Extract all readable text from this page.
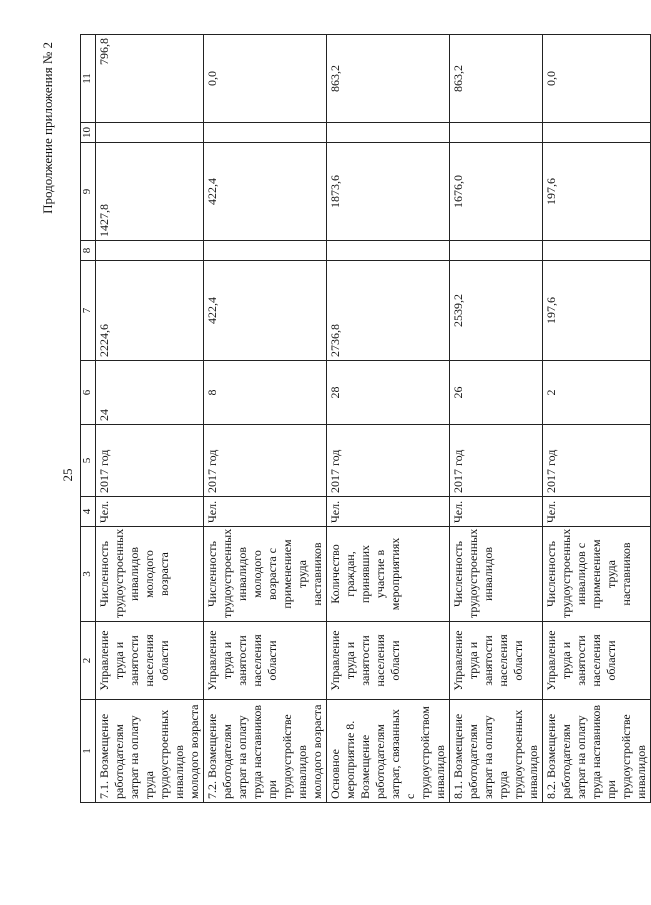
25
Продолжение приложения № 2
1	2	3	4	5	6	7	8	9	10	11
7.1. Возмещение работодателям затрат на оплату труда трудоустроенных инвалидов молодого возраста	Управление труда и занятости населения области	Численность трудоустроенных инвалидов молодого возраста	Чел.	2017 год	24	2224,6		1427,8		796,8
7.2. Возмещение работодателям затрат на оплату труда наставников при трудоустройстве инвалидов молодого возраста	Управление труда и занятости населения области	Численность трудоустроенных инвалидов молодого возраста с применением труда наставников	Чел.	2017 год	8	422,4		422,4		0,0
Основное мероприятие 8. Возмещение работодателям затрат, связанных с трудоустройством инвалидов	Управление труда и занятости населения области	Количество граждан, принявших участие в мероприятиях	Чел.	2017 год	28	2736,8		1873,6		863,2
8.1. Возмещение работодателям затрат на оплату труда трудоустроенных инвалидов	Управление труда и занятости населения области	Численность трудоустроенных инвалидов	Чел.	2017 год	26	2539,2		1676,0		863,2
8.2. Возмещение работодателям затрат на оплату труда наставников при трудоустройстве инвалидов	Управление труда и занятости населения области	Численность трудоустроенных инвалидов с применением труда наставников	Чел.	2017 год	2	197,6		197,6		0,0
